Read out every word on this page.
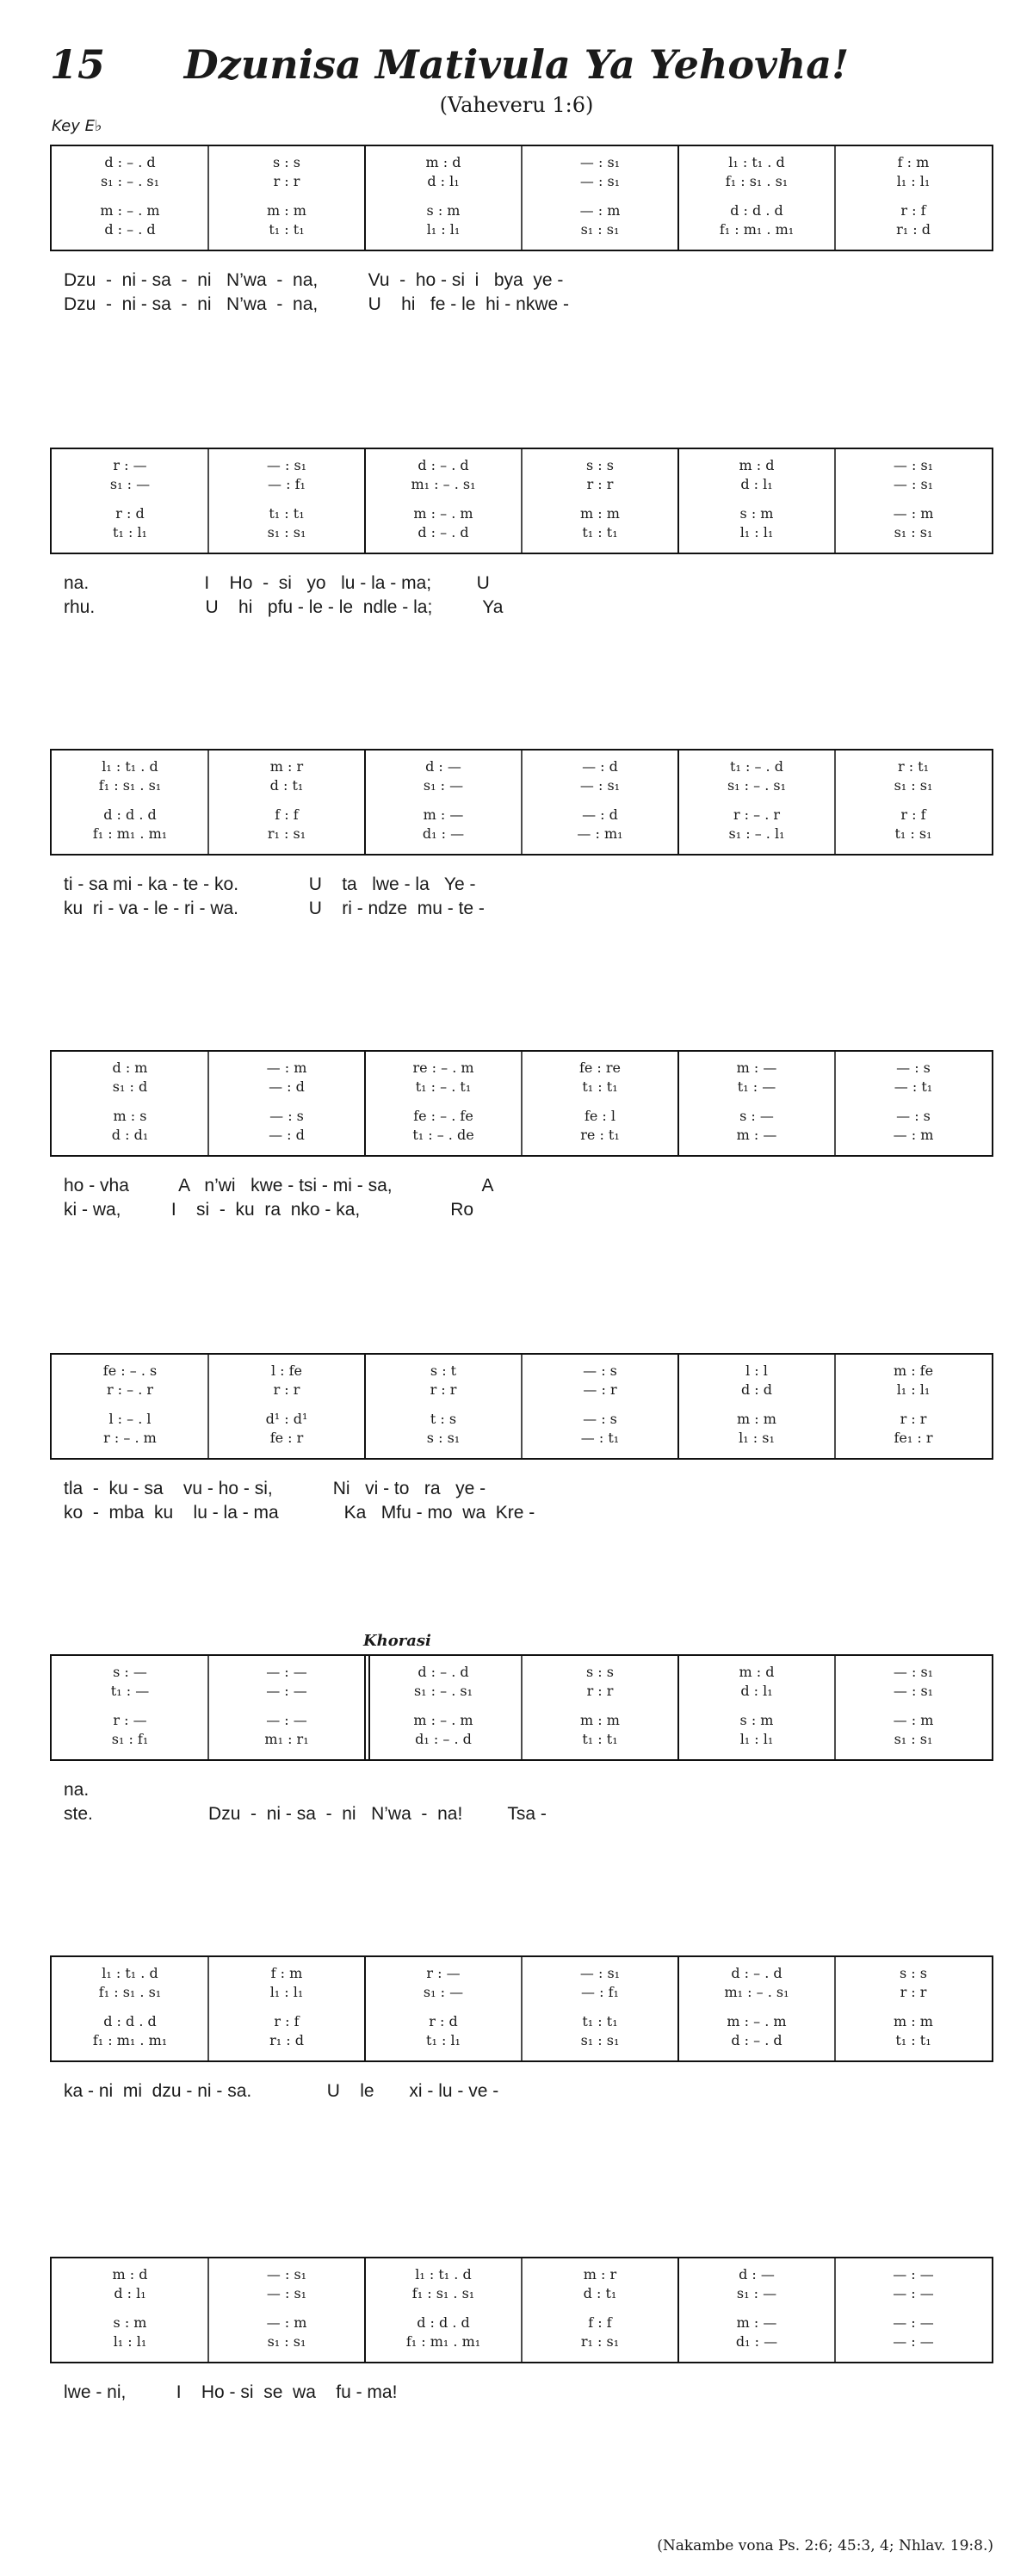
15	Dzunisa Mativula Ya Yehovha!
(Vaheveru 1:6)
Key E♭
d : – . d	s : s	m : d	— : s₁	l₁ : t₁ . d	f : m
s₁ : – . s₁	r : r	d : l₁	— : s₁	f₁ : s₁ . s₁	l₁ : l₁
m : – . m	m : m	s : m	— : m	d : d . d	r : f
d : – . d	t₁ : t₁	l₁ : l₁	s₁ : s₁	f₁ : m₁ . m₁	r₁ : d
Dzu  -  ni - sa  -  ni   N’wa  -  na,          Vu  -  ho - si  i   bya  ye -
Dzu  -  ni - sa  -  ni   N’wa  -  na,          U    hi   fe - le  hi - nkwe -
r : —	— : s₁	d : – . d	s : s	m : d	— : s₁
s₁ : —	— : f₁	m₁ : – . s₁	r : r	d : l₁	— : s₁
r : d	t₁ : t₁	m : – . m	m : m	s : m	— : m
t₁ : l₁	s₁ : s₁	d : – . d	t₁ : t₁	l₁ : l₁	s₁ : s₁
na.                       I    Ho  -  si   yo   lu - la - ma;         U
rhu.                      U    hi   pfu - le - le  ndle - la;          Ya
l₁ : t₁ . d	m : r	d : —	— : d	t₁ : – . d	r : t₁
f₁ : s₁ . s₁	d : t₁	s₁ : —	— : s₁	s₁ : – . s₁	s₁ : s₁
d : d . d	f : f	m : —	— : d	r : – . r	r : f
f₁ : m₁ . m₁	r₁ : s₁	d₁ : —	— : m₁	s₁ : – . l₁	t₁ : s₁
ti - sa mi - ka - te - ko.              U    ta   lwe - la   Ye -
ku  ri - va - le - ri - wa.              U    ri - ndze  mu - te -
d : m	— : m	re : – . m	fe : re	m : —	— : s
s₁ : d	— : d	t₁ : – . t₁	t₁ : t₁	t₁ : —	— : t₁
m : s	— : s	fe : – . fe	fe : l	s : —	— : s
d : d₁	— : d	t₁ : – . de	re : t₁	m : —	— : m
ho - vha          A   n’wi   kwe - tsi - mi - sa,                  A
ki - wa,          I    si  -  ku  ra  nko - ka,                  Ro
fe : – . s	l : fe	s : t	— : s	l : l	m : fe
r : – . r	r : r	r : r	— : r	d : d	l₁ : l₁
l : – . l	d¹ : d¹	t : s	— : s	m : m	r : r
r : – . m	fe : r	s : s₁	— : t₁	l₁ : s₁	fe₁ : r
tla  -  ku - sa    vu - ho - si,            Ni   vi - to   ra   ye -
ko  -  mba  ku    lu - la - ma             Ka   Mfu - mo  wa  Kre -
s : —	— : —	d : – . d	s : s	m : d	— : s₁
t₁ : —	— : —	s₁ : – . s₁	r : r	d : l₁	— : s₁
r : —	— : —	m : – . m	m : m	s : m	— : m
s₁ : f₁	m₁ : r₁	d₁ : – . d	t₁ : t₁	l₁ : l₁	s₁ : s₁
Khorasi
na.
ste.                       Dzu  -  ni - sa  -  ni   N’wa  -  na!         Tsa -
l₁ : t₁ . d	f : m	r : —	— : s₁	d : – . d	s : s
f₁ : s₁ . s₁	l₁ : l₁	s₁ : —	— : f₁	m₁ : – . s₁	r : r
d : d . d	r : f	r : d	t₁ : t₁	m : – . m	m : m
f₁ : m₁ . m₁	r₁ : d	t₁ : l₁	s₁ : s₁	d : – . d	t₁ : t₁
ka - ni  mi  dzu - ni - sa.               U    le       xi - lu - ve -
m : d	— : s₁	l₁ : t₁ . d	m : r	d : —	— : —
d : l₁	— : s₁	f₁ : s₁ . s₁	d : t₁	s₁ : —	— : —
s : m	— : m	d : d . d	f : f	m : —	— : —
l₁ : l₁	s₁ : s₁	f₁ : m₁ . m₁	r₁ : s₁	d₁ : —	— : —
lwe - ni,          I    Ho - si  se  wa    fu - ma!
(Nakambe vona Ps. 2:6; 45:3, 4; Nhlav. 19:8.)
